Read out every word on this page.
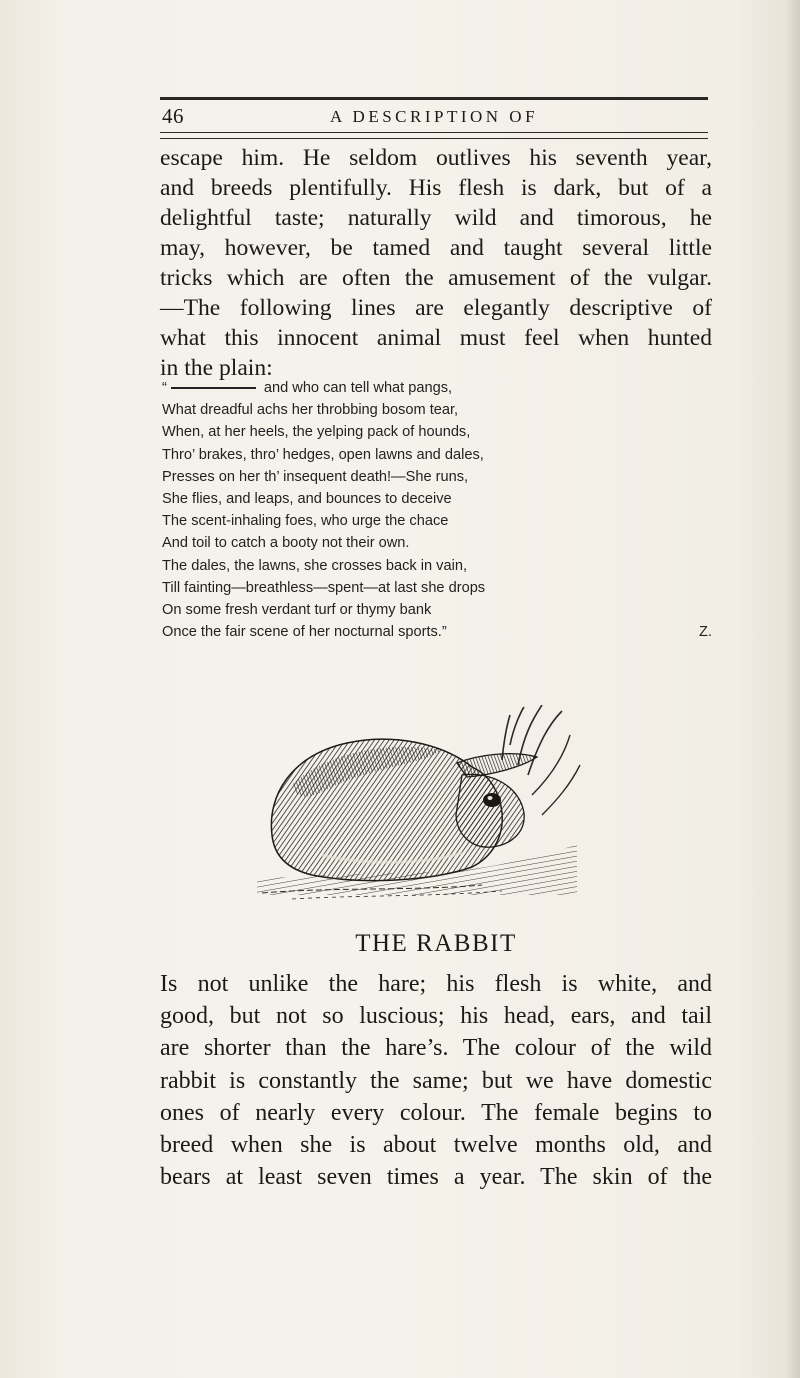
46	A DESCRIPTION OF
escape him. He seldom outlives his seventh year,
and breeds plentifully. His flesh is dark, but of a
delightful taste; naturally wild and timorous, he
may, however, be tamed and taught several little
tricks which are often the amusement of the vulgar.
—The following lines are elegantly descriptive of
what this innocent animal must feel when hunted
in the plain:
“	and who can tell what pangs,
What dreadful achs her throbbing bosom tear,
When, at her heels, the yelping pack of hounds,
Thro’ brakes, thro’ hedges, open lawns and dales,
Presses on her th’ insequent death!—She runs,
She flies, and leaps, and bounces to deceive
The scent-inhaling foes, who urge the chace
And toil to catch a booty not their own.
The dales, the lawns, she crosses back in vain,
Till fainting—breathless—spent—at last she drops
On some fresh verdant turf or thymy bank
Once the fair scene of her nocturnal sports.”	Z.
THE RABBIT
Is not unlike the hare; his flesh is white, and
good, but not so luscious; his head, ears, and tail
are shorter than the hare’s. The colour of the wild
rabbit is constantly the same; but we have domestic
ones of nearly every colour. The female begins to
breed when she is about twelve months old, and
bears at least seven times a year. The skin of the
